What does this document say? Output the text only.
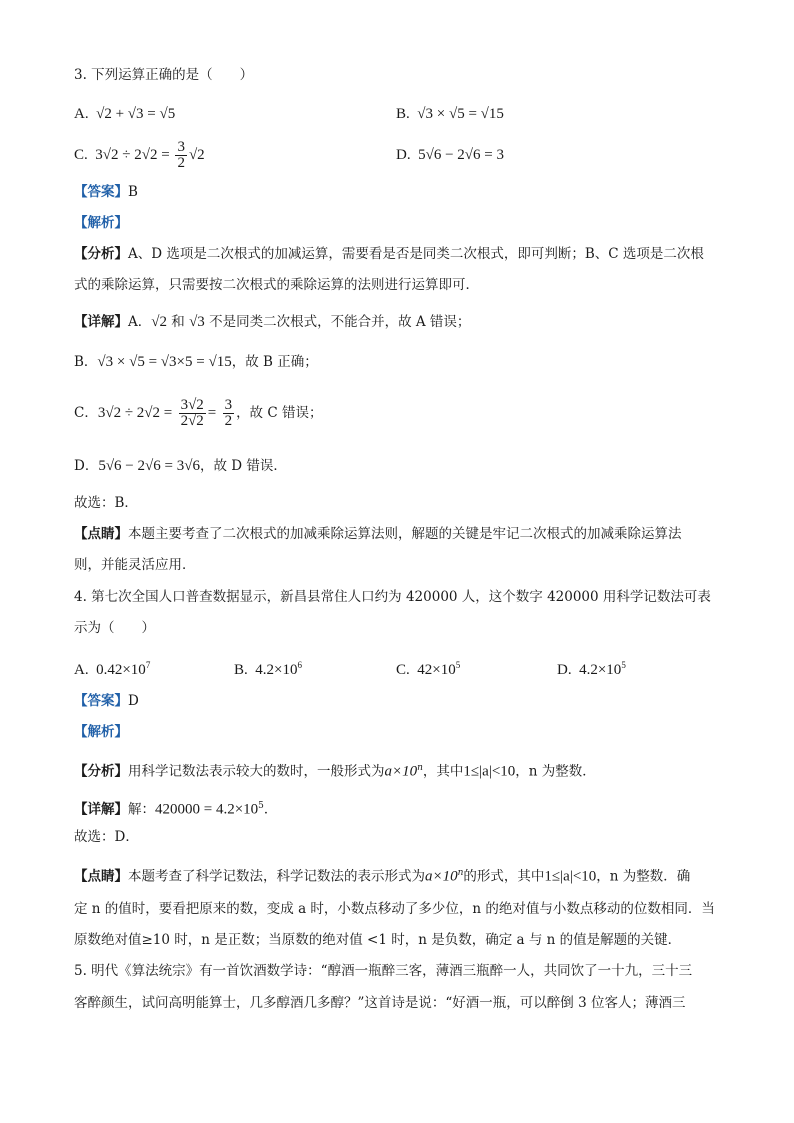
3. 下列运算正确的是（　　）
A. √2 + √3 = √5	B. √3 × √5 = √15
C. $3√2 \div 2√2 = \frac{3}{2} √2$	D. 5√6 − 2√6 = 3
【答案】B
【解析】
【分析】A、D 选项是二次根式的加减运算，需要看是否是同类二次根式，即可判断；B、C 选项是二次根
式的乘除运算，只需要按二次根式的乘除运算的法则进行运算即可．
【详解】A．√2 和 √3 不是同类二次根式，不能合并，故 A 错误；
B．√3 × √5 = √3×5 = √15，故 B 正确；
C．$3√2 \div 2√2 = \frac{3√2}{2√2} = \frac{3}{2}$ ，故 C 错误；
D．5√6 − 2√6 = 3√6，故 D 错误．
故选：B．
【点睛】本题主要考查了二次根式的加减乘除运算法则，解题的关键是牢记二次根式的加减乘除运算法
则，并能灵活应用．
4. 第七次全国人口普查数据显示，新昌县常住人口约为 420000 人，这个数字 420000 用科学记数法可表
示为（　　）
A. $0.42\times 10^7$	B. $4.2\times 10^6$	C. $42\times 10^5$	D. $4.2\times 10^5$
【答案】D
【解析】
【分析】用科学记数法表示较大的数时，一般形式为$a\times 10^n$，其中1≤|a|<10，n 为整数．
【详解】解：$420000 = 4.2\times 10^5$．
故选：D．
【点睛】本题考查了科学记数法，科学记数法的表示形式为$a\times 10^n$的形式，其中1≤|a|<10，n 为整数．确
定 n 的值时，要看把原来的数，变成 a 时，小数点移动了多少位，n 的绝对值与小数点移动的位数相同．当
原数绝对值≥10 时，n 是正数；当原数的绝对值 <1 时，n 是负数，确定 a 与 n 的值是解题的关键．
5. 明代《算法统宗》有一首饮酒数学诗：“醇酒一瓶醉三客，薄酒三瓶醉一人，共同饮了一十九，三十三
客醉颜生，试问高明能算士，几多醇酒几多醇？”这首诗是说：“好酒一瓶，可以醉倒 3 位客人；薄酒三
